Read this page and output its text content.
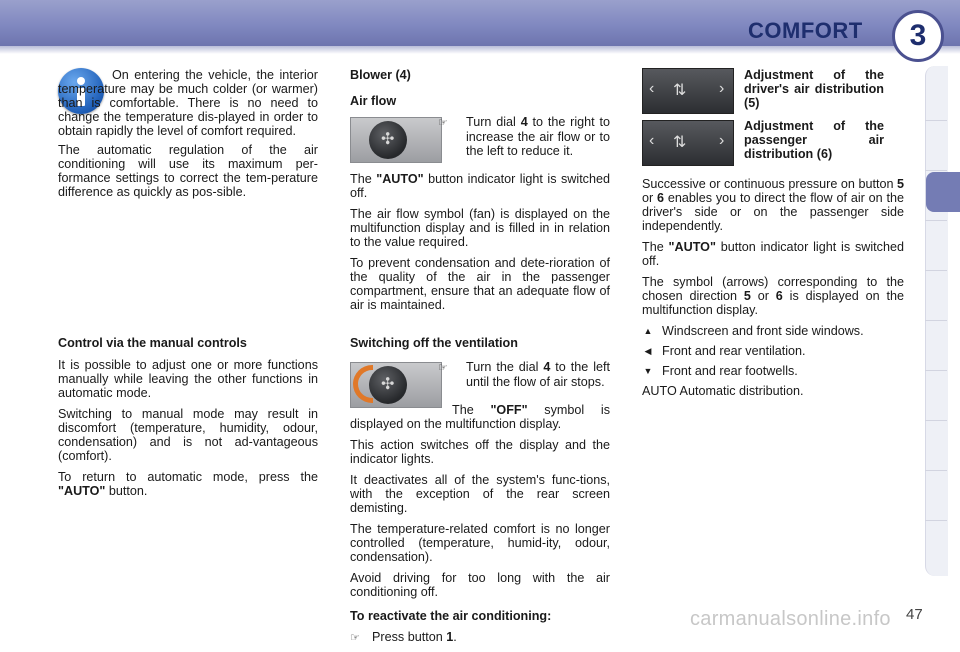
COMFORT	3

On entering the vehicle, the interior temperature may be much colder (or warmer) than is comfortable. There is no need to change the temperature dis-played in order to obtain rapidly the level of comfort required.

The automatic regulation of the air conditioning will use its maximum per-formance settings to correct the tem-perature difference as quickly as pos-sible.

Control via the manual controls

It is possible to adjust one or more functions manually while leaving the other functions in automatic mode.

Switching to manual mode may result in discomfort (temperature, humidity, odour, condensation) and is not ad-vantageous (comfort).

To return to automatic mode, press the "AUTO" button.

Blower (4)

Air flow

✣

☞ Turn dial 4 to the right to increase the air flow or to the left to reduce it.

The "AUTO" button indicator light is switched off.

The air flow symbol (fan) is displayed on the multifunction display and is filled in in relation to the value required.

To prevent condensation and dete-rioration of the quality of the air in the passenger compartment, ensure that an adequate flow of air is maintained.

Switching off the ventilation

✣

☞ Turn the dial 4 to the left until the flow of air stops.

The "OFF" symbol is displayed on the multifunction display.

This action switches off the display and the indicator lights.

It deactivates all of the system's func-tions, with the exception of the rear screen demisting.

The temperature-related comfort is no longer controlled (temperature, humid-ity, odour, condensation).

Avoid driving for too long with the air conditioning off.

To reactivate the air conditioning:

☞ Press button 1.

‹ ⇅ ›
‹ ⇅ ›

Adjustment of the driver's air distribution (5)

Adjustment of the passenger air distribution (6)

Successive or continuous pressure on button 5 or 6 enables you to direct the flow of air on the driver's side or on the passenger side independently.

The "AUTO" button indicator light is switched off.

The symbol (arrows) corresponding to the chosen direction 5 or 6 is displayed on the multifunction display.

▲ Windscreen and front side windows.
◀ Front and rear ventilation.
▼ Front and rear footwells.

AUTO Automatic distribution.

carmanualsonline.info 47
